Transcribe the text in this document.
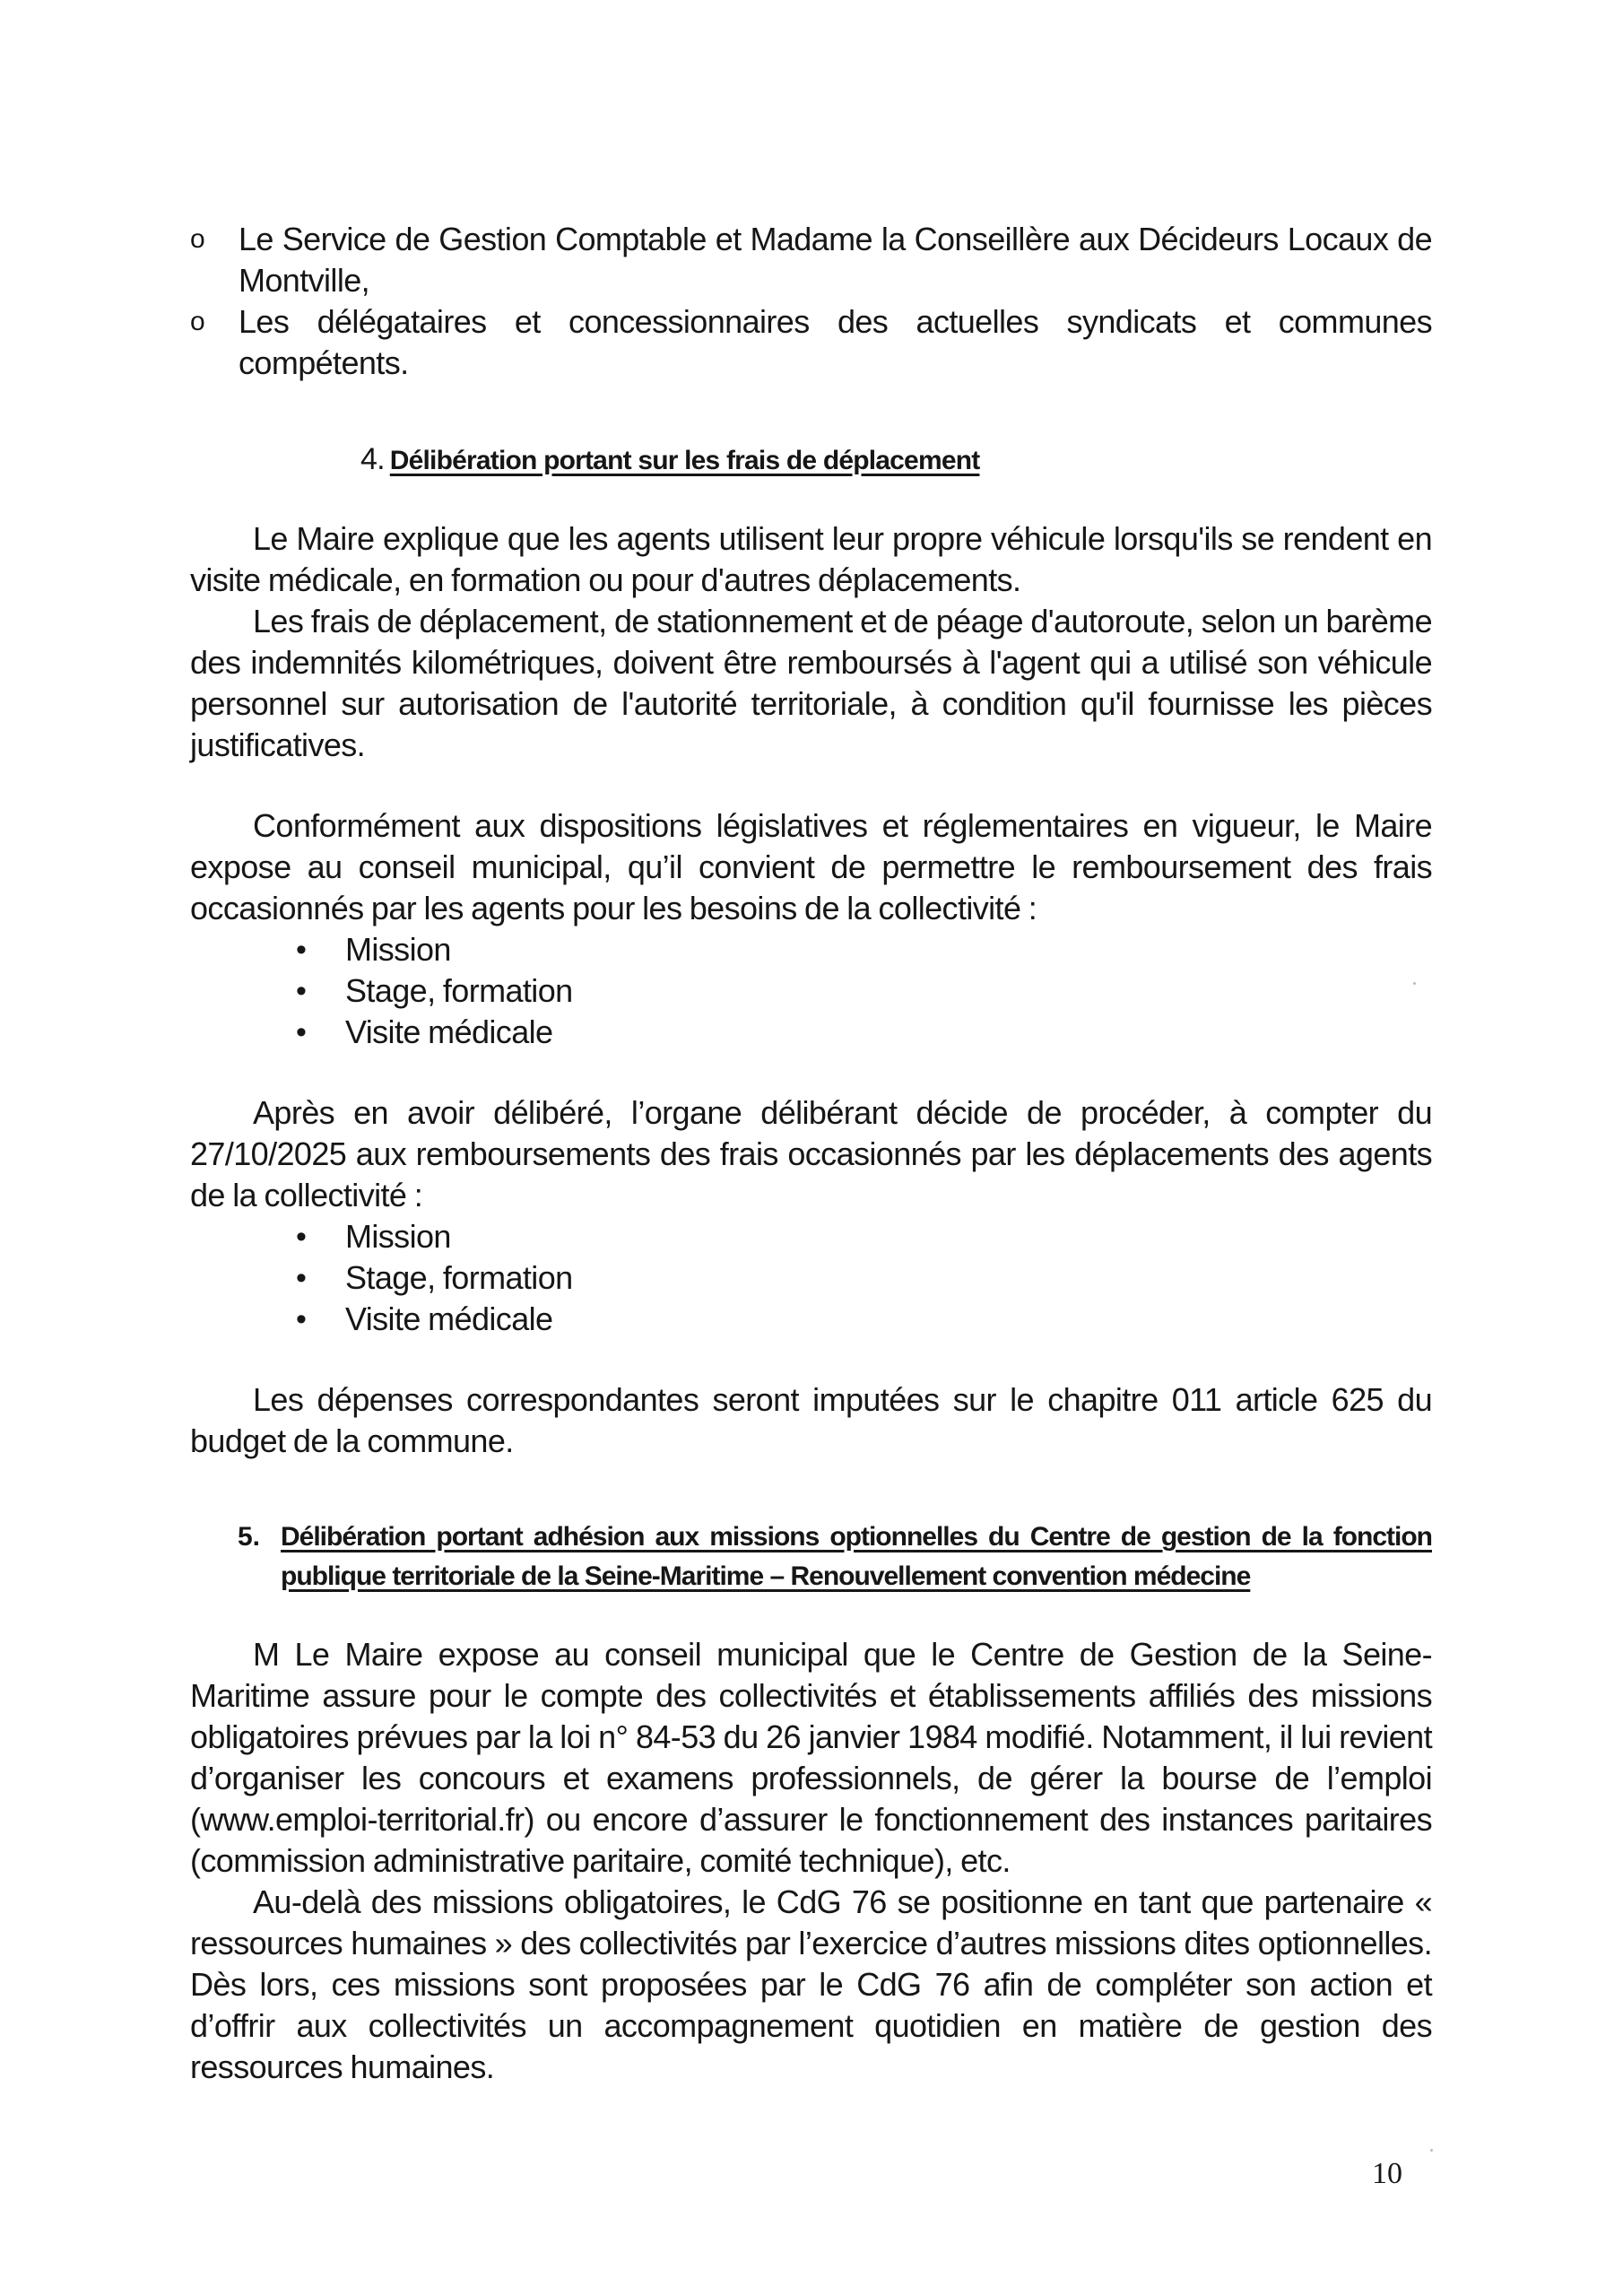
o Le Service de Gestion Comptable et Madame la Conseillère aux Décideurs Locaux de Montville,
o Les délégataires et concessionnaires des actuelles syndicats et communes compétents.
4. Délibération portant sur les frais de déplacement

Le Maire explique que les agents utilisent leur propre véhicule lorsqu'ils se rendent en visite médicale, en formation ou pour d'autres déplacements.

Les frais de déplacement, de stationnement et de péage d'autoroute, selon un barème des indemnités kilométriques, doivent être remboursés à l'agent qui a utilisé son véhicule personnel sur autorisation de l'autorité territoriale, à condition qu'il fournisse les pièces justificatives.

Conformément aux dispositions législatives et réglementaires en vigueur, le Maire expose au conseil municipal, qu’il convient de permettre le remboursement des frais occasionnés par les agents pour les besoins de la collectivité :

• Mission
• Stage, formation
• Visite médicale

Après en avoir délibéré, l’organe délibérant décide de procéder, à compter du 27/10/2025 aux remboursements des frais occasionnés par les déplacements des agents de la collectivité :

• Mission
• Stage, formation
• Visite médicale

Les dépenses correspondantes seront imputées sur le chapitre 011 article 625 du budget de la commune.

5. Délibération portant adhésion aux missions optionnelles du Centre de gestion de la fonction publique territoriale de la Seine-Maritime – Renouvellement convention médecine

M Le Maire expose au conseil municipal que le Centre de Gestion de la Seine-Maritime assure pour le compte des collectivités et établissements affiliés des missions obligatoires prévues par la loi n° 84-53 du 26 janvier 1984 modifié. Notamment, il lui revient d’organiser les concours et examens professionnels, de gérer la bourse de l’emploi (www.emploi-territorial.fr) ou encore d’assurer le fonctionnement des instances paritaires (commission administrative paritaire, comité technique), etc.

Au-delà des missions obligatoires, le CdG 76 se positionne en tant que partenaire « ressources humaines » des collectivités par l’exercice d’autres missions dites optionnelles. Dès lors, ces missions sont proposées par le CdG 76 afin de compléter son action et d’offrir aux collectivités un accompagnement quotidien en matière de gestion des ressources humaines.

10
